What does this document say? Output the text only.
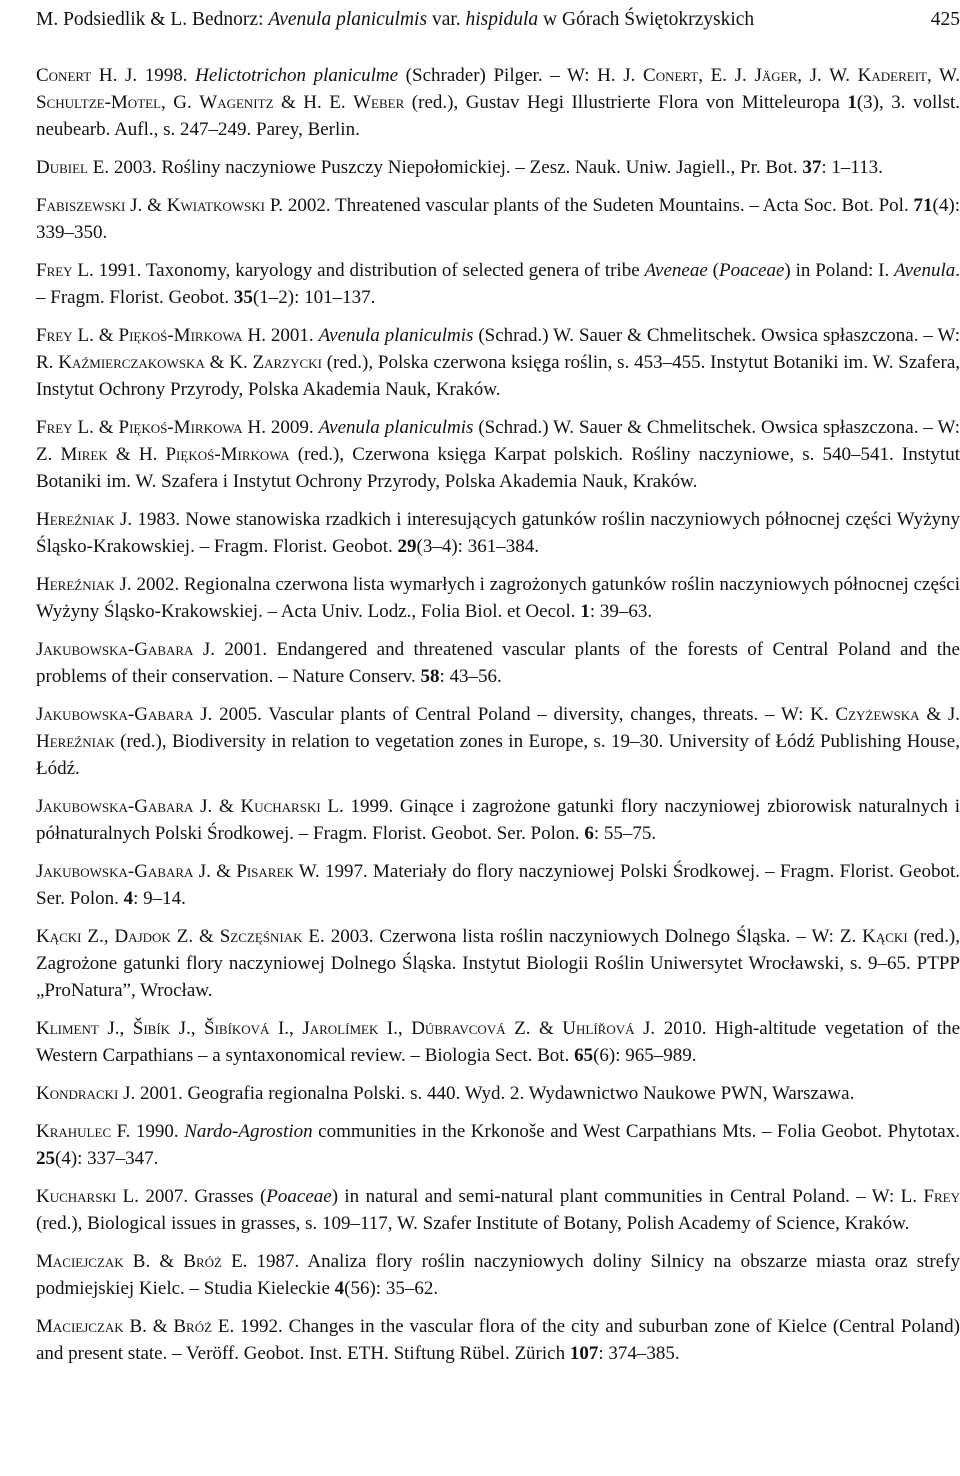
M. Podsiedlik & L. Bednorz: Avenula planiculmis var. hispidula w Górach Świętokrzyskich	425
Conert H. J. 1998. Helictotrichon planiculme (Schrader) Pilger. – W: H. J. Conert, E. J. Jäger, J. W. Kadereit, W. Schultze-Motel, G. Wagenitz & H. E. Weber (red.), Gustav Hegi Illustrierte Flora von Mitteleuropa 1(3), 3. vollst. neubearb. Aufl., s. 247–249. Parey, Berlin.
Dubiel E. 2003. Rośliny naczyniowe Puszczy Niepołomickiej. – Zesz. Nauk. Uniw. Jagiell., Pr. Bot. 37: 1–113.
Fabiszewski J. & Kwiatkowski P. 2002. Threatened vascular plants of the Sudeten Mountains. – Acta Soc. Bot. Pol. 71(4): 339–350.
Frey L. 1991. Taxonomy, karyology and distribution of selected genera of tribe Aveneae (Poaceae) in Poland: I. Avenula. – Fragm. Florist. Geobot. 35(1–2): 101–137.
Frey L. & Piękoś-Mirkowa H. 2001. Avenula planiculmis (Schrad.) W. Sauer & Chmelitschek. Owsica spłaszczona. – W: R. Kaźmierczakowska & K. Zarzycki (red.), Polska czerwona księga roślin, s. 453–455. Instytut Botaniki im. W. Szafera, Instytut Ochrony Przyrody, Polska Akademia Nauk, Kraków.
Frey L. & Piękoś-Mirkowa H. 2009. Avenula planiculmis (Schrad.) W. Sauer & Chmelitschek. Owsica spłaszczona. – W: Z. Mirek & H. Piękoś-Mirkowa (red.), Czerwona księga Karpat polskich. Rośliny naczyniowe, s. 540–541. Instytut Botaniki im. W. Szafera i Instytut Ochrony Przyrody, Polska Akademia Nauk, Kraków.
Hereźniak J. 1983. Nowe stanowiska rzadkich i interesujących gatunków roślin naczyniowych północnej części Wyżyny Śląsko-Krakowskiej. – Fragm. Florist. Geobot. 29(3–4): 361–384.
Hereźniak J. 2002. Regionalna czerwona lista wymarłych i zagrożonych gatunków roślin naczyniowych północnej części Wyżyny Śląsko-Krakowskiej. – Acta Univ. Lodz., Folia Biol. et Oecol. 1: 39–63.
Jakubowska-Gabara J. 2001. Endangered and threatened vascular plants of the forests of Central Poland and the problems of their conservation. – Nature Conserv. 58: 43–56.
Jakubowska-Gabara J. 2005. Vascular plants of Central Poland – diversity, changes, threats. – W: K. Czyżewska & J. Hereźniak (red.), Biodiversity in relation to vegetation zones in Europe, s. 19–30. University of Łódź Publishing House, Łódź.
Jakubowska-Gabara J. & Kucharski L. 1999. Ginące i zagrożone gatunki flory naczyniowej zbiorowisk naturalnych i półnaturalnych Polski Środkowej. – Fragm. Florist. Geobot. Ser. Polon. 6: 55–75.
Jakubowska-Gabara J. & Pisarek W. 1997. Materiały do flory naczyniowej Polski Środkowej. – Fragm. Florist. Geobot. Ser. Polon. 4: 9–14.
Kącki Z., Dajdok Z. & Szczęśniak E. 2003. Czerwona lista roślin naczyniowych Dolnego Śląska. – W: Z. Kącki (red.), Zagrożone gatunki flory naczyniowej Dolnego Śląska. Instytut Biologii Roślin Uniwersytet Wrocławski, s. 9–65. PTPP „ProNatura”, Wrocław.
Kliment J., Šibík J., Šibíková I., Jarolímek I., Dúbravcová Z. & Uhlířová J. 2010. High-altitude vegetation of the Western Carpathians – a syntaxonomical review. – Biologia Sect. Bot. 65(6): 965–989.
Kondracki J. 2001. Geografia regionalna Polski. s. 440. Wyd. 2. Wydawnictwo Naukowe PWN, Warszawa.
Krahulec F. 1990. Nardo-Agrostion communities in the Krkonoše and West Carpathians Mts. – Folia Geobot. Phytotax. 25(4): 337–347.
Kucharski L. 2007. Grasses (Poaceae) in natural and semi-natural plant communities in Central Poland. – W: L. Frey (red.), Biological issues in grasses, s. 109–117, W. Szafer Institute of Botany, Polish Academy of Science, Kraków.
Maciejczak B. & Bróż E. 1987. Analiza flory roślin naczyniowych doliny Silnicy na obszarze miasta oraz strefy podmiejskiej Kielc. – Studia Kieleckie 4(56): 35–62.
Maciejczak B. & Bróż E. 1992. Changes in the vascular flora of the city and suburban zone of Kielce (Central Poland) and present state. – Veröff. Geobot. Inst. ETH. Stiftung Rübel. Zürich 107: 374–385.
